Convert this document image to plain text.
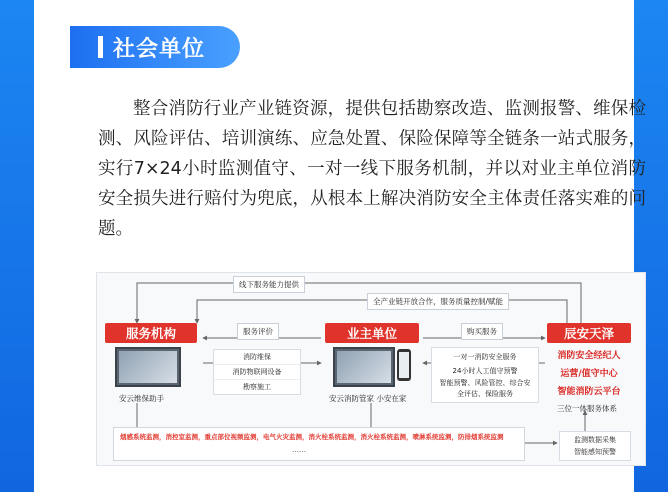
社会单位

整合消防行业产业链资源，提供包括勘察改造、监测报警、维保检测、风险评估、培训演练、应急处置、保险保障等全链条一站式服务，实行7×24小时监测值守、一对一线下服务机制，并以对业主单位消防安全损失进行赔付为兜底，从根本上解决消防安全主体责任落实难的问题。

线下服务能力提供
全产业链开放合作，服务质量控制/赋能
服务机构
安云维保助手
服务评价
消防维保
消防物联网设备
勘察施工
业主单位
安云消防管家 小安在家
购买服务
一对一消防安全服务
24小时人工值守预警
智能预警、风险管控、综合安全评估、保险服务
辰安天泽
消防安全经纪人
运营/值守中心
智能消防云平台
三位一体服务体系
烟感系统监测，消控室监测，重点部位视频监测，电气火灾监测，消火栓系统监测，消火栓系统监测，喷淋系统监测，防排烟系统监测
……
监测数据采集
智能感知预警
